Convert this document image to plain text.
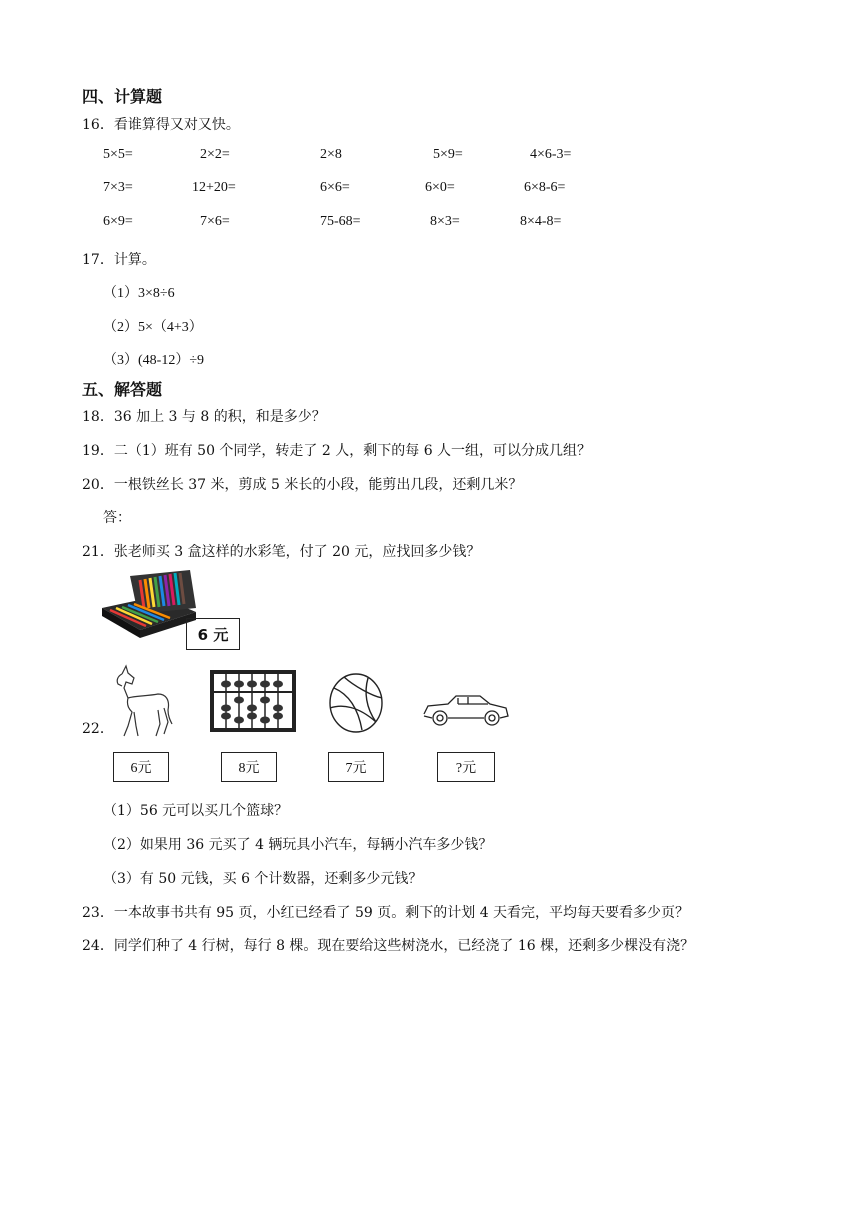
四、计算题
16．看谁算得又对又快。
5×5=	2×2=	2×8	5×9=	4×6-3=
7×3=	12+20=	6×6=	6×0=	6×8-6=
6×9=	7×6=	75-68=	8×3=	8×4-8=
17．计算。
（1）3×8÷6
（2）5×（4+3）
（3）(48-12）÷9
五、解答题
18．36 加上 3 与 8 的积，和是多少？
19．二（1）班有 50 个同学，转走了 2 人，剩下的每 6 人一组，可以分成几组？
20．一根铁丝长 37 米，剪成 5 米长的小段，能剪出几段，还剩几米？
答：
21．张老师买 3 盒这样的水彩笔，付了 20 元，应找回多少钱？
6 元
22．
6元	8元	7元	?元
（1）56 元可以买几个篮球？
（2）如果用 36 元买了 4 辆玩具小汽车，每辆小汽车多少钱？
（3）有 50 元钱，买 6 个计数器，还剩多少元钱？
23．一本故事书共有 95 页，小红已经看了 59 页。剩下的计划 4 天看完，平均每天要看多少页？
24．同学们种了 4 行树，每行 8 棵。现在要给这些树浇水，已经浇了 16 棵，还剩多少棵没有浇？
